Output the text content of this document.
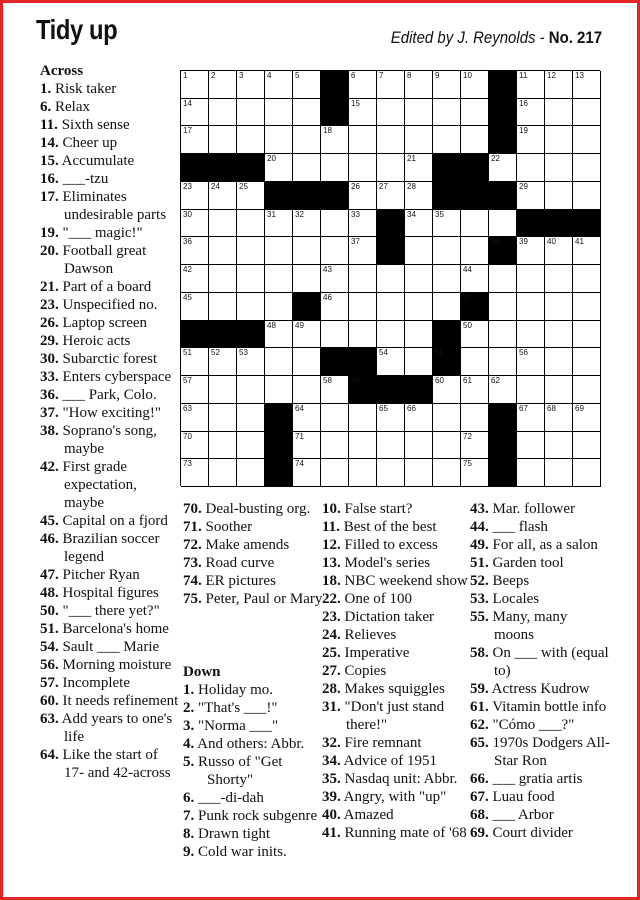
Tidy up	Edited by J. Reynolds - No. 217
1	2	3	4	5	6	7	8	9	10	11 12 13
14	15	16
17	18	19
20	21	22
23 24 25	26 27 28	29
30	31 32	33	34 35
36	37	38 39 40 41
42	43	44
45	46	47
48 49	50
51 52 53	54	55	56
57	58 59	60 61 62
63	64	65 66	67 68 69
70	71	72
73	74	75
Across
1. Risk taker
6. Relax
11. Sixth sense
14. Cheer up
15. Accumulate
16. ___-tzu
17. Eliminates undesirable parts
19. "___ magic!"
20. Football great Dawson
21. Part of a board
23. Unspecified no.
26. Laptop screen
29. Heroic acts
30. Subarctic forest
33. Enters cyberspace
36. ___ Park, Colo.
37. "How exciting!"
38. Soprano's song, maybe
42. First grade expectation, maybe
45. Capital on a fjord
46. Brazilian soccer legend
47. Pitcher Ryan
48. Hospital figures
50. "___ there yet?"
51. Barcelona's home
54. Sault ___ Marie
56. Morning moisture
57. Incomplete
60. It needs refinement
63. Add years to one's life
64. Like the start of 17- and 42-across
70. Deal-busting org.
71. Soother
72. Make amends
73. Road curve
74. ER pictures
75. Peter, Paul or Mary
Down
1. Holiday mo.
2. "That's ___!"
3. "Norma ___"
4. And others: Abbr.
5. Russo of "Get Shorty"
6. ___-di-dah
7. Punk rock subgenre
8. Drawn tight
9. Cold war inits.
10. False start?
11. Best of the best
12. Filled to excess
13. Model's series
18. NBC weekend show
22. One of 100
23. Dictation taker
24. Relieves
25. Imperative
27. Copies
28. Makes squiggles
31. "Don't just stand there!"
32. Fire remnant
34. Advice of 1951
35. Nasdaq unit: Abbr.
39. Angry, with "up"
40. Amazed
41. Running mate of '68
43. Mar. follower
44. ___ flash
49. For all, as a salon
51. Garden tool
52. Beeps
53. Locales
55. Many, many moons
58. On ___ with (equal to)
59. Actress Kudrow
61. Vitamin bottle info
62. "Cómo ___?"
65. 1970s Dodgers All-Star Ron
66. ___ gratia artis
67. Luau food
68. ___ Arbor
69. Court divider
